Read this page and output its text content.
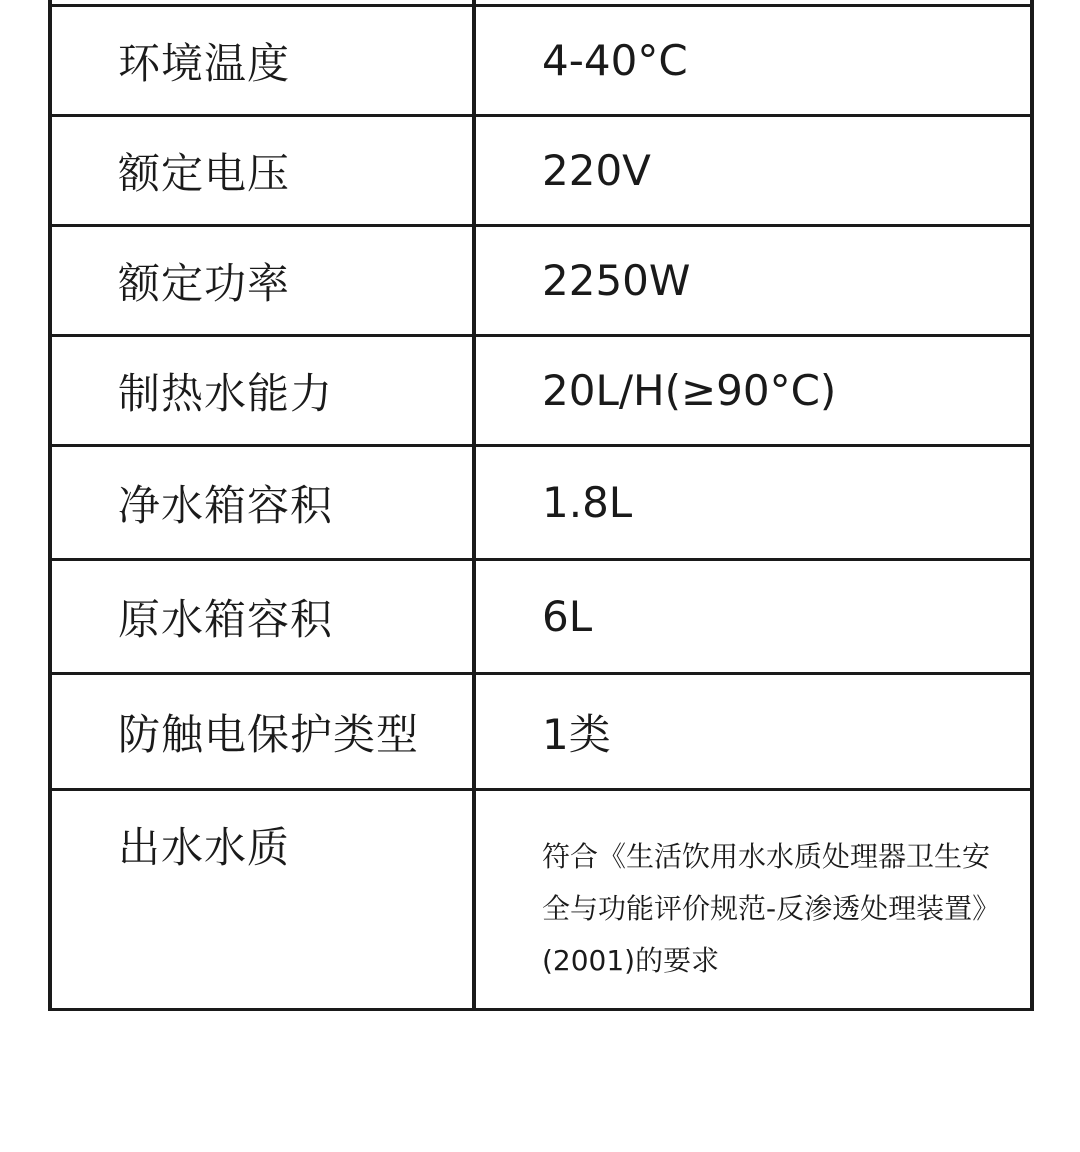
环境温度	4-40°C
额定电压	220V
额定功率	2250W
制热水能力	20L/H(≥90°C)
净水箱容积	1.8L
原水箱容积	6L
防触电保护类型	1类
出水水质	符合《生活饮用水水质处理器卫生安全与功能评价规范-反渗透处理装置》(2001)的要求
